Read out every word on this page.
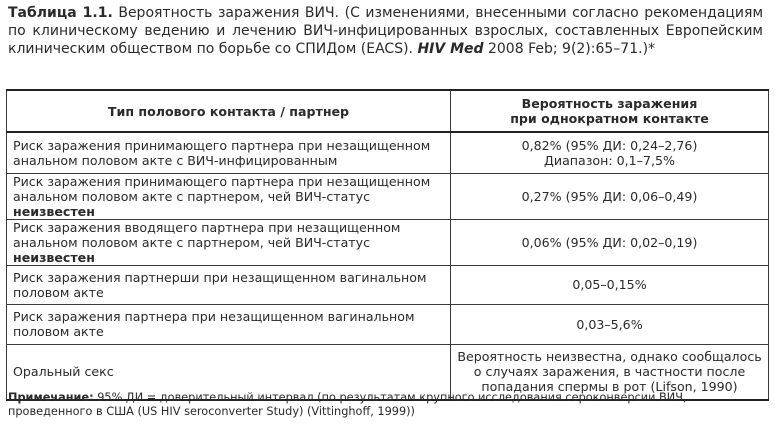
Таблица 1.1. Вероятность заражения ВИЧ. (С изменениями, внесенными согласно рекомендациям по клиническому ведению и лечению ВИЧ-инфицированных взрослых, составленных Европейским клиническим обществом по борьбе со СПИДом (EACS). HIV Med 2008 Feb; 9(2):65–71.)*
Тип полового контакта / партнер	Вероятность заражения
при однократном контакте
Риск заражения принимающего партнера при незащищенном анальном половом акте с ВИЧ-инфицированным	0,82% (95% ДИ: 0,24–2,76)
Диапазон: 0,1–7,5%
Риск заражения принимающего партнера при незащищенном анальном половом акте с партнером, чей ВИЧ-статус неизвестен	0,27% (95% ДИ: 0,06–0,49)
Риск заражения вводящего партнера при незащищенном анальном половом акте с партнером, чей ВИЧ-статус неизвестен	0,06% (95% ДИ: 0,02–0,19)
Риск заражения партнерши при незащищенном вагинальном половом акте	0,05–0,15%
Риск заражения партнера при незащищенном вагинальном половом акте	0,03–5,6%
Оральный секс	Вероятность неизвестна, однако сообщалось о случаях заражения, в частности после попадания спермы в рот (Lifson, 1990)
Примечание: 95% ДИ = доверительный интервал (по результатам крупного исследования сероконверсии ВИЧ, проведенного в США (US HIV seroconverter Study) (Vittinghoff, 1999))
